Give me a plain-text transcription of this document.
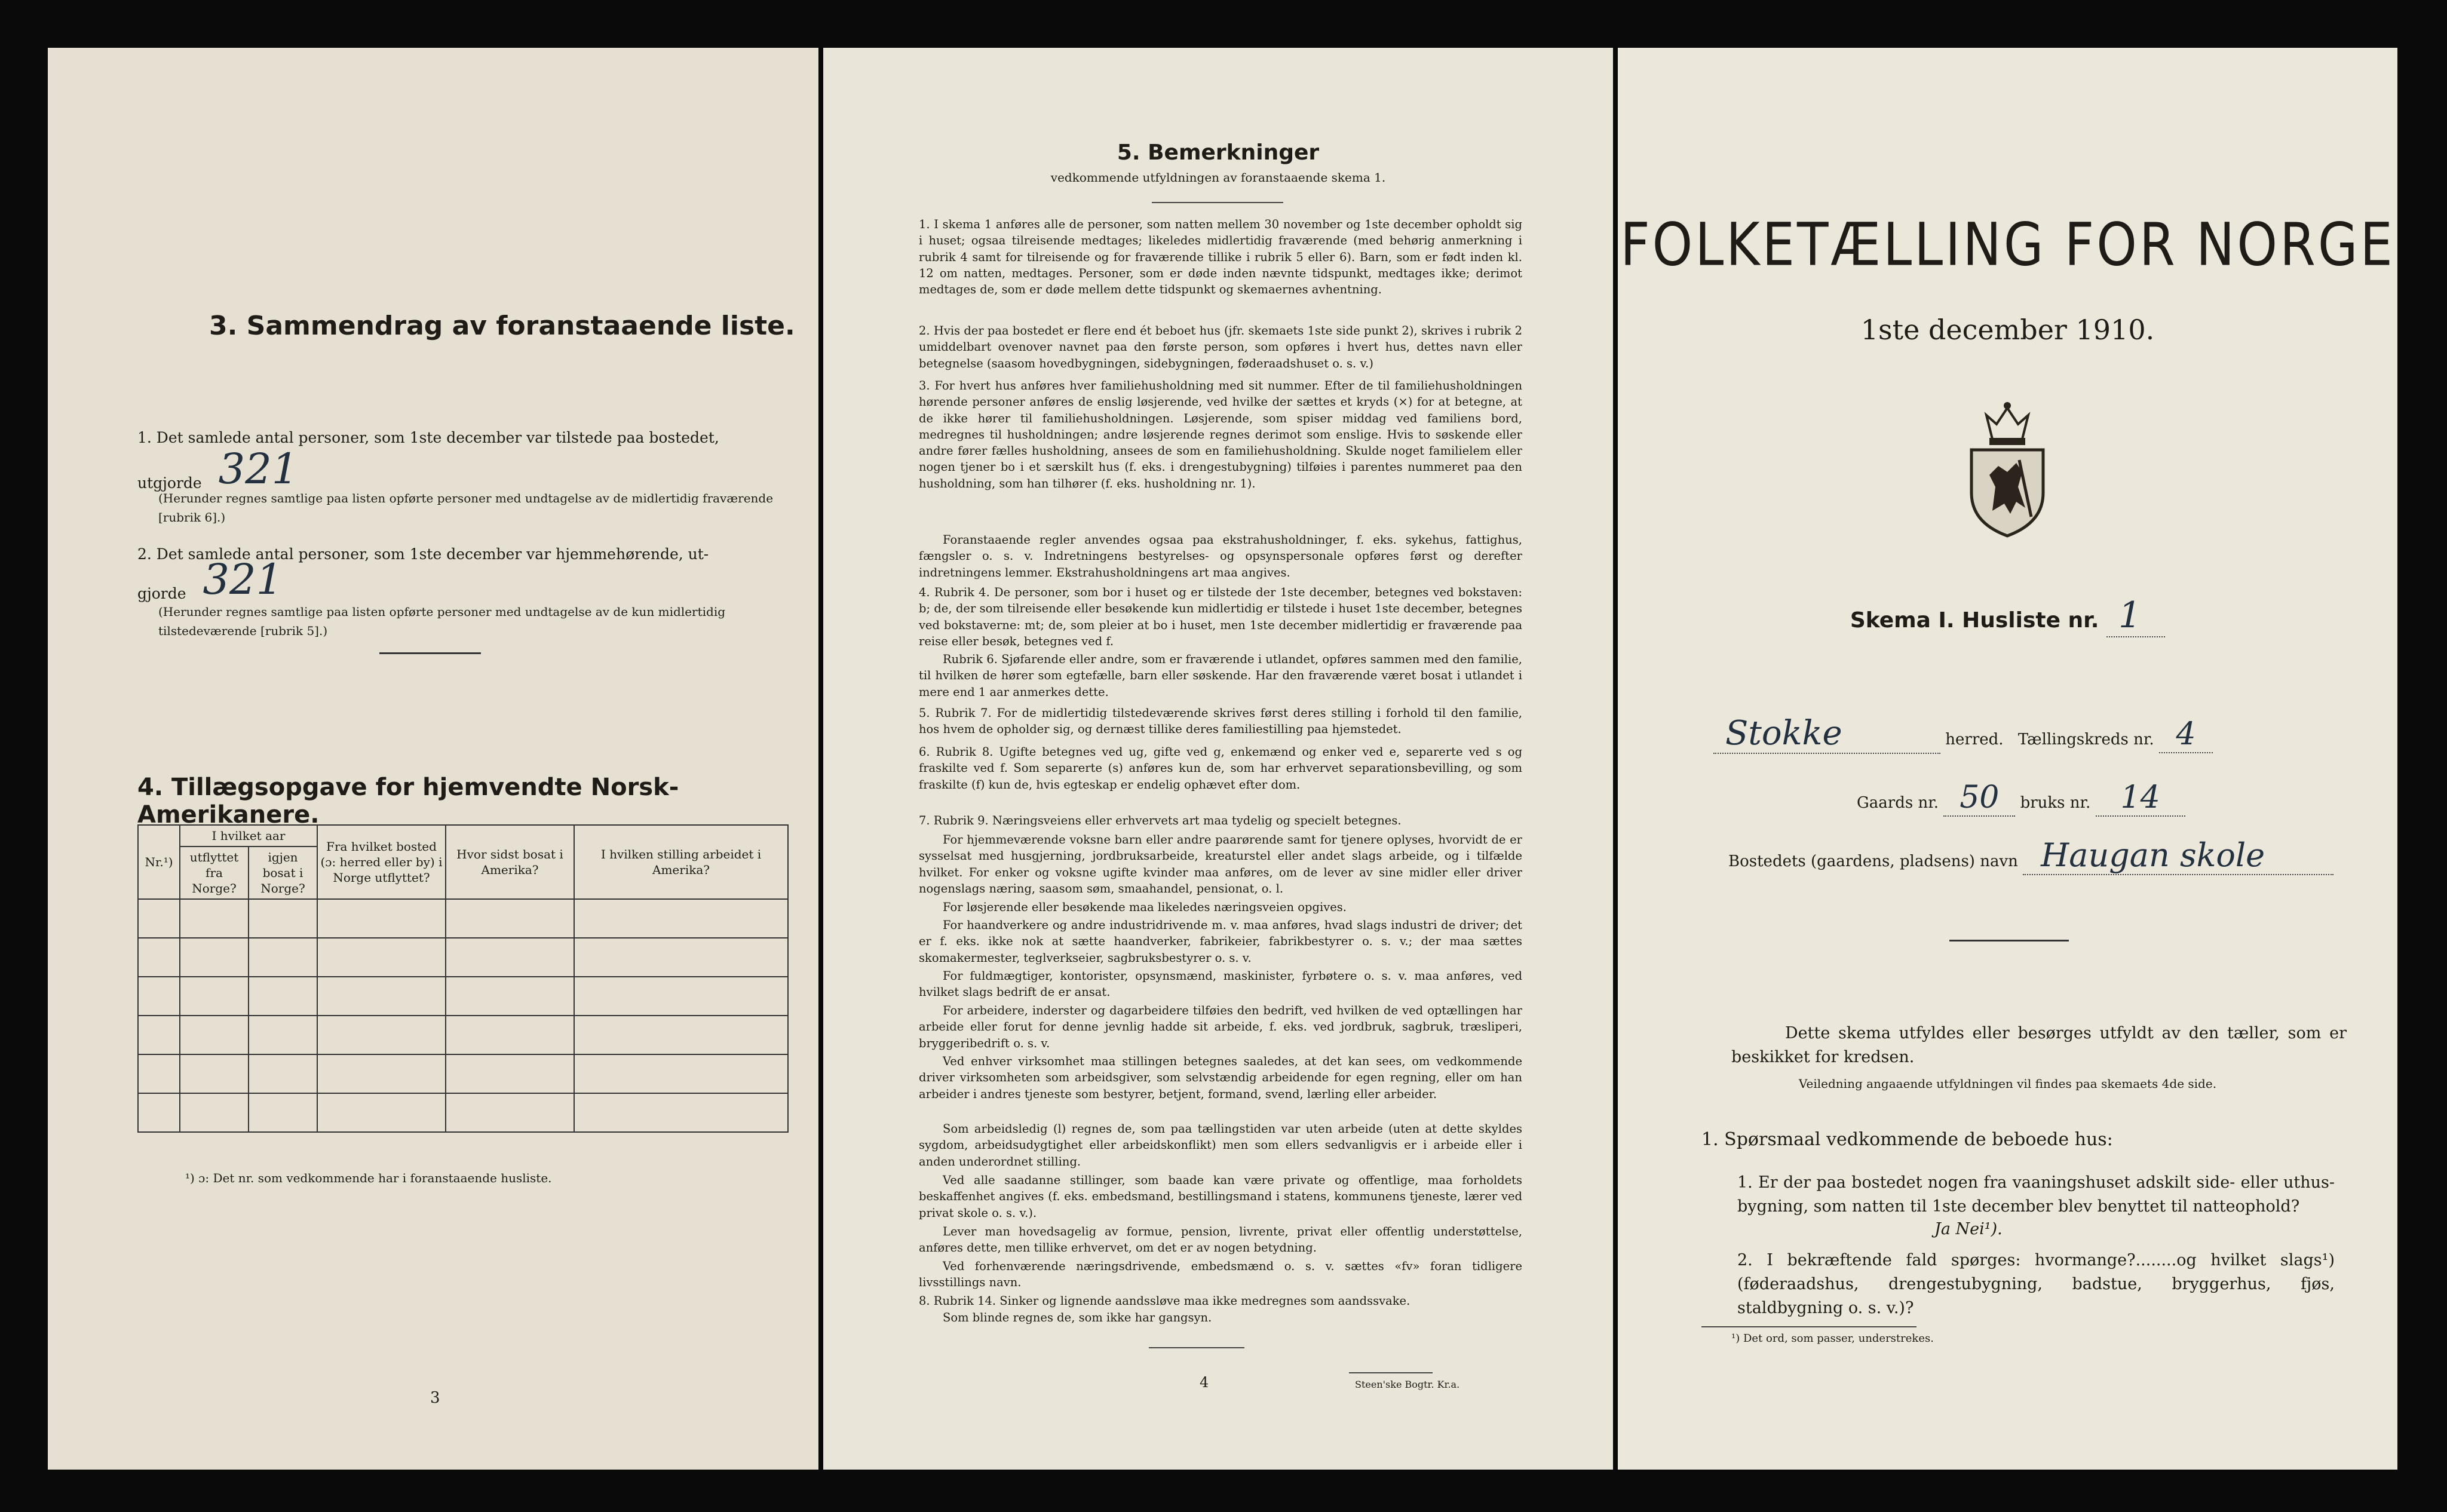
3. Sammendrag av foranstaaende liste.
1. Det samlede antal personer, som 1ste december var tilstede paa bostedet,
utgjorde 321
(Herunder regnes samtlige paa listen opførte personer med undtagelse av de midlertidig fraværende [rubrik 6].)
2. Det samlede antal personer, som 1ste december var hjemmehørende, ut-
gjorde 321
(Herunder regnes samtlige paa listen opførte personer med undtagelse av de kun midlertidig tilstedeværende [rubrik 5].)
4. Tillægsopgave for hjemvendte Norsk-Amerikanere.
Nr.¹)	I hvilket aar		Fra hvilket bosted (ɔ: herred eller by) i Norge utflyttet?	Hvor sidst bosat i Amerika?	I hvilken stilling arbeidet i Amerika?
	utflyttet fra Norge?	igjen bosat i Norge?			

¹) ɔ: Det nr. som vedkommende har i foranstaaende husliste.
3
5. Bemerkninger
vedkommende utfyldningen av foranstaaende skema 1.
1. I skema 1 anføres alle de personer, som natten mellem 30 november og 1ste december opholdt sig i huset; ogsaa tilreisende medtages; likeledes midlertidig fraværende (med behørig anmerkning i rubrik 4 samt for tilreisende og for fraværende tillike i rubrik 5 eller 6). Barn, som er født inden kl. 12 om natten, medtages. Personer, som er døde inden nævnte tidspunkt, medtages ikke; derimot medtages de, som er døde mellem dette tidspunkt og skemaernes avhentning.
2. Hvis der paa bostedet er flere end ét beboet hus (jfr. skemaets 1ste side punkt 2), skrives i rubrik 2 umiddelbart ovenover navnet paa den første person, som opføres i hvert hus, dettes navn eller betegnelse (saasom hovedbygningen, sidebygningen, føderaadshuset o. s. v.)
3. For hvert hus anføres hver familiehusholdning med sit nummer. Efter de til familiehusholdningen hørende personer anføres de enslig løsjerende, ved hvilke der sættes et kryds (×) for at betegne, at de ikke hører til familiehusholdningen. Løsjerende, som spiser middag ved familiens bord, medregnes til husholdningen; andre løsjerende regnes derimot som enslige. Hvis to søskende eller andre fører fælles husholdning, ansees de som en familiehusholdning. Skulde noget familielem eller nogen tjener bo i et særskilt hus (f. eks. i drengestubygning) tilføies i parentes nummeret paa den husholdning, som han tilhører (f. eks. husholdning nr. 1).
Foranstaaende regler anvendes ogsaa paa ekstrahusholdninger, f. eks. sykehus, fattighus, fængsler o. s. v. Indretningens bestyrelses- og opsynspersonale opføres først og derefter indretningens lemmer. Ekstrahusholdningens art maa angives.
4. Rubrik 4. De personer, som bor i huset og er tilstede der 1ste december, betegnes ved bokstaven: b; de, der som tilreisende eller besøkende kun midlertidig er tilstede i huset 1ste december, betegnes ved bokstaverne: mt; de, som pleier at bo i huset, men 1ste december midlertidig er fraværende paa reise eller besøk, betegnes ved f.
Rubrik 6. Sjøfarende eller andre, som er fraværende i utlandet, opføres sammen med den familie, til hvilken de hører som egtefælle, barn eller søskende. Har den fraværende været bosat i utlandet i mere end 1 aar anmerkes dette.
5. Rubrik 7. For de midlertidig tilstedeværende skrives først deres stilling i forhold til den familie, hos hvem de opholder sig, og dernæst tillike deres familiestilling paa hjemstedet.
6. Rubrik 8. Ugifte betegnes ved ug, gifte ved g, enkemænd og enker ved e, separerte ved s og fraskilte ved f. Som separerte (s) anføres kun de, som har erhvervet separationsbevilling, og som fraskilte (f) kun de, hvis egteskap er endelig ophævet efter dom.
7. Rubrik 9. Næringsveiens eller erhvervets art maa tydelig og specielt betegnes.
For hjemmeværende voksne barn eller andre paarørende samt for tjenere oplyses, hvorvidt de er sysselsat med husgjerning, jordbruksarbeide, kreaturstel eller andet slags arbeide, og i tilfælde hvilket. For enker og voksne ugifte kvinder maa anføres, om de lever av sine midler eller driver nogenslags næring, saasom søm, smaahandel, pensionat, o. l.
For løsjerende eller besøkende maa likeledes næringsveien opgives.
For haandverkere og andre industridrivende m. v. maa anføres, hvad slags industri de driver; det er f. eks. ikke nok at sætte haandverker, fabrikeier, fabrikbestyrer o. s. v.; der maa sættes skomakermester, teglverkseier, sagbruksbestyrer o. s. v.
For fuldmægtiger, kontorister, opsynsmænd, maskinister, fyrbøtere o. s. v. maa anføres, ved hvilket slags bedrift de er ansat.
For arbeidere, inderster og dagarbeidere tilføies den bedrift, ved hvilken de ved optællingen har arbeide eller forut for denne jevnlig hadde sit arbeide, f. eks. ved jordbruk, sagbruk, træsliperi, bryggeribedrift o. s. v.
Ved enhver virksomhet maa stillingen betegnes saaledes, at det kan sees, om vedkommende driver virksomheten som arbeidsgiver, som selvstændig arbeidende for egen regning, eller om han arbeider i andres tjeneste som bestyrer, betjent, formand, svend, lærling eller arbeider.
Som arbeidsledig (l) regnes de, som paa tællingstiden var uten arbeide (uten at dette skyldes sygdom, arbeidsudygtighet eller arbeidskonflikt) men som ellers sedvanligvis er i arbeide eller i anden underordnet stilling.
Ved alle saadanne stillinger, som baade kan være private og offentlige, maa forholdets beskaffenhet angives (f. eks. embedsmand, bestillingsmand i statens, kommunens tjeneste, lærer ved privat skole o. s. v.).
Lever man hovedsagelig av formue, pension, livrente, privat eller offentlig understøttelse, anføres dette, men tillike erhvervet, om det er av nogen betydning.
Ved forhenværende næringsdrivende, embedsmænd o. s. v. sættes «fv» foran tidligere livsstillings navn.
8. Rubrik 14. Sinker og lignende aandssløve maa ikke medregnes som aandssvake.
Som blinde regnes de, som ikke har gangsyn.
4	Steen'ske Bogtr. Kr.a.
FOLKETÆLLING FOR NORGE
1ste december 1910.
Skema I. Husliste nr. 1
Stokke	herred. Tællingskreds nr. 4
Gaards nr. 50 bruks nr. 14
Bostedets (gaardens, pladsens) navn Haugan skole
Dette skema utfyldes eller besørges utfyldt av den tæller, som er beskikket for kredsen.
Veiledning angaaende utfyldningen vil findes paa skemaets 4de side.
1. Spørsmaal vedkommende de beboede hus:
1. Er der paa bostedet nogen fra vaaningshuset adskilt side- eller uthus-bygning, som natten til 1ste december blev benyttet til natteophold?
Ja Nei¹).
2. I bekræftende fald spørges: hvormange?........og hvilket slags¹) (føderaadshus, drengestubygning, badstue, bryggerhus, fjøs, staldbygning o. s. v.)?
¹) Det ord, som passer, understrekes.
